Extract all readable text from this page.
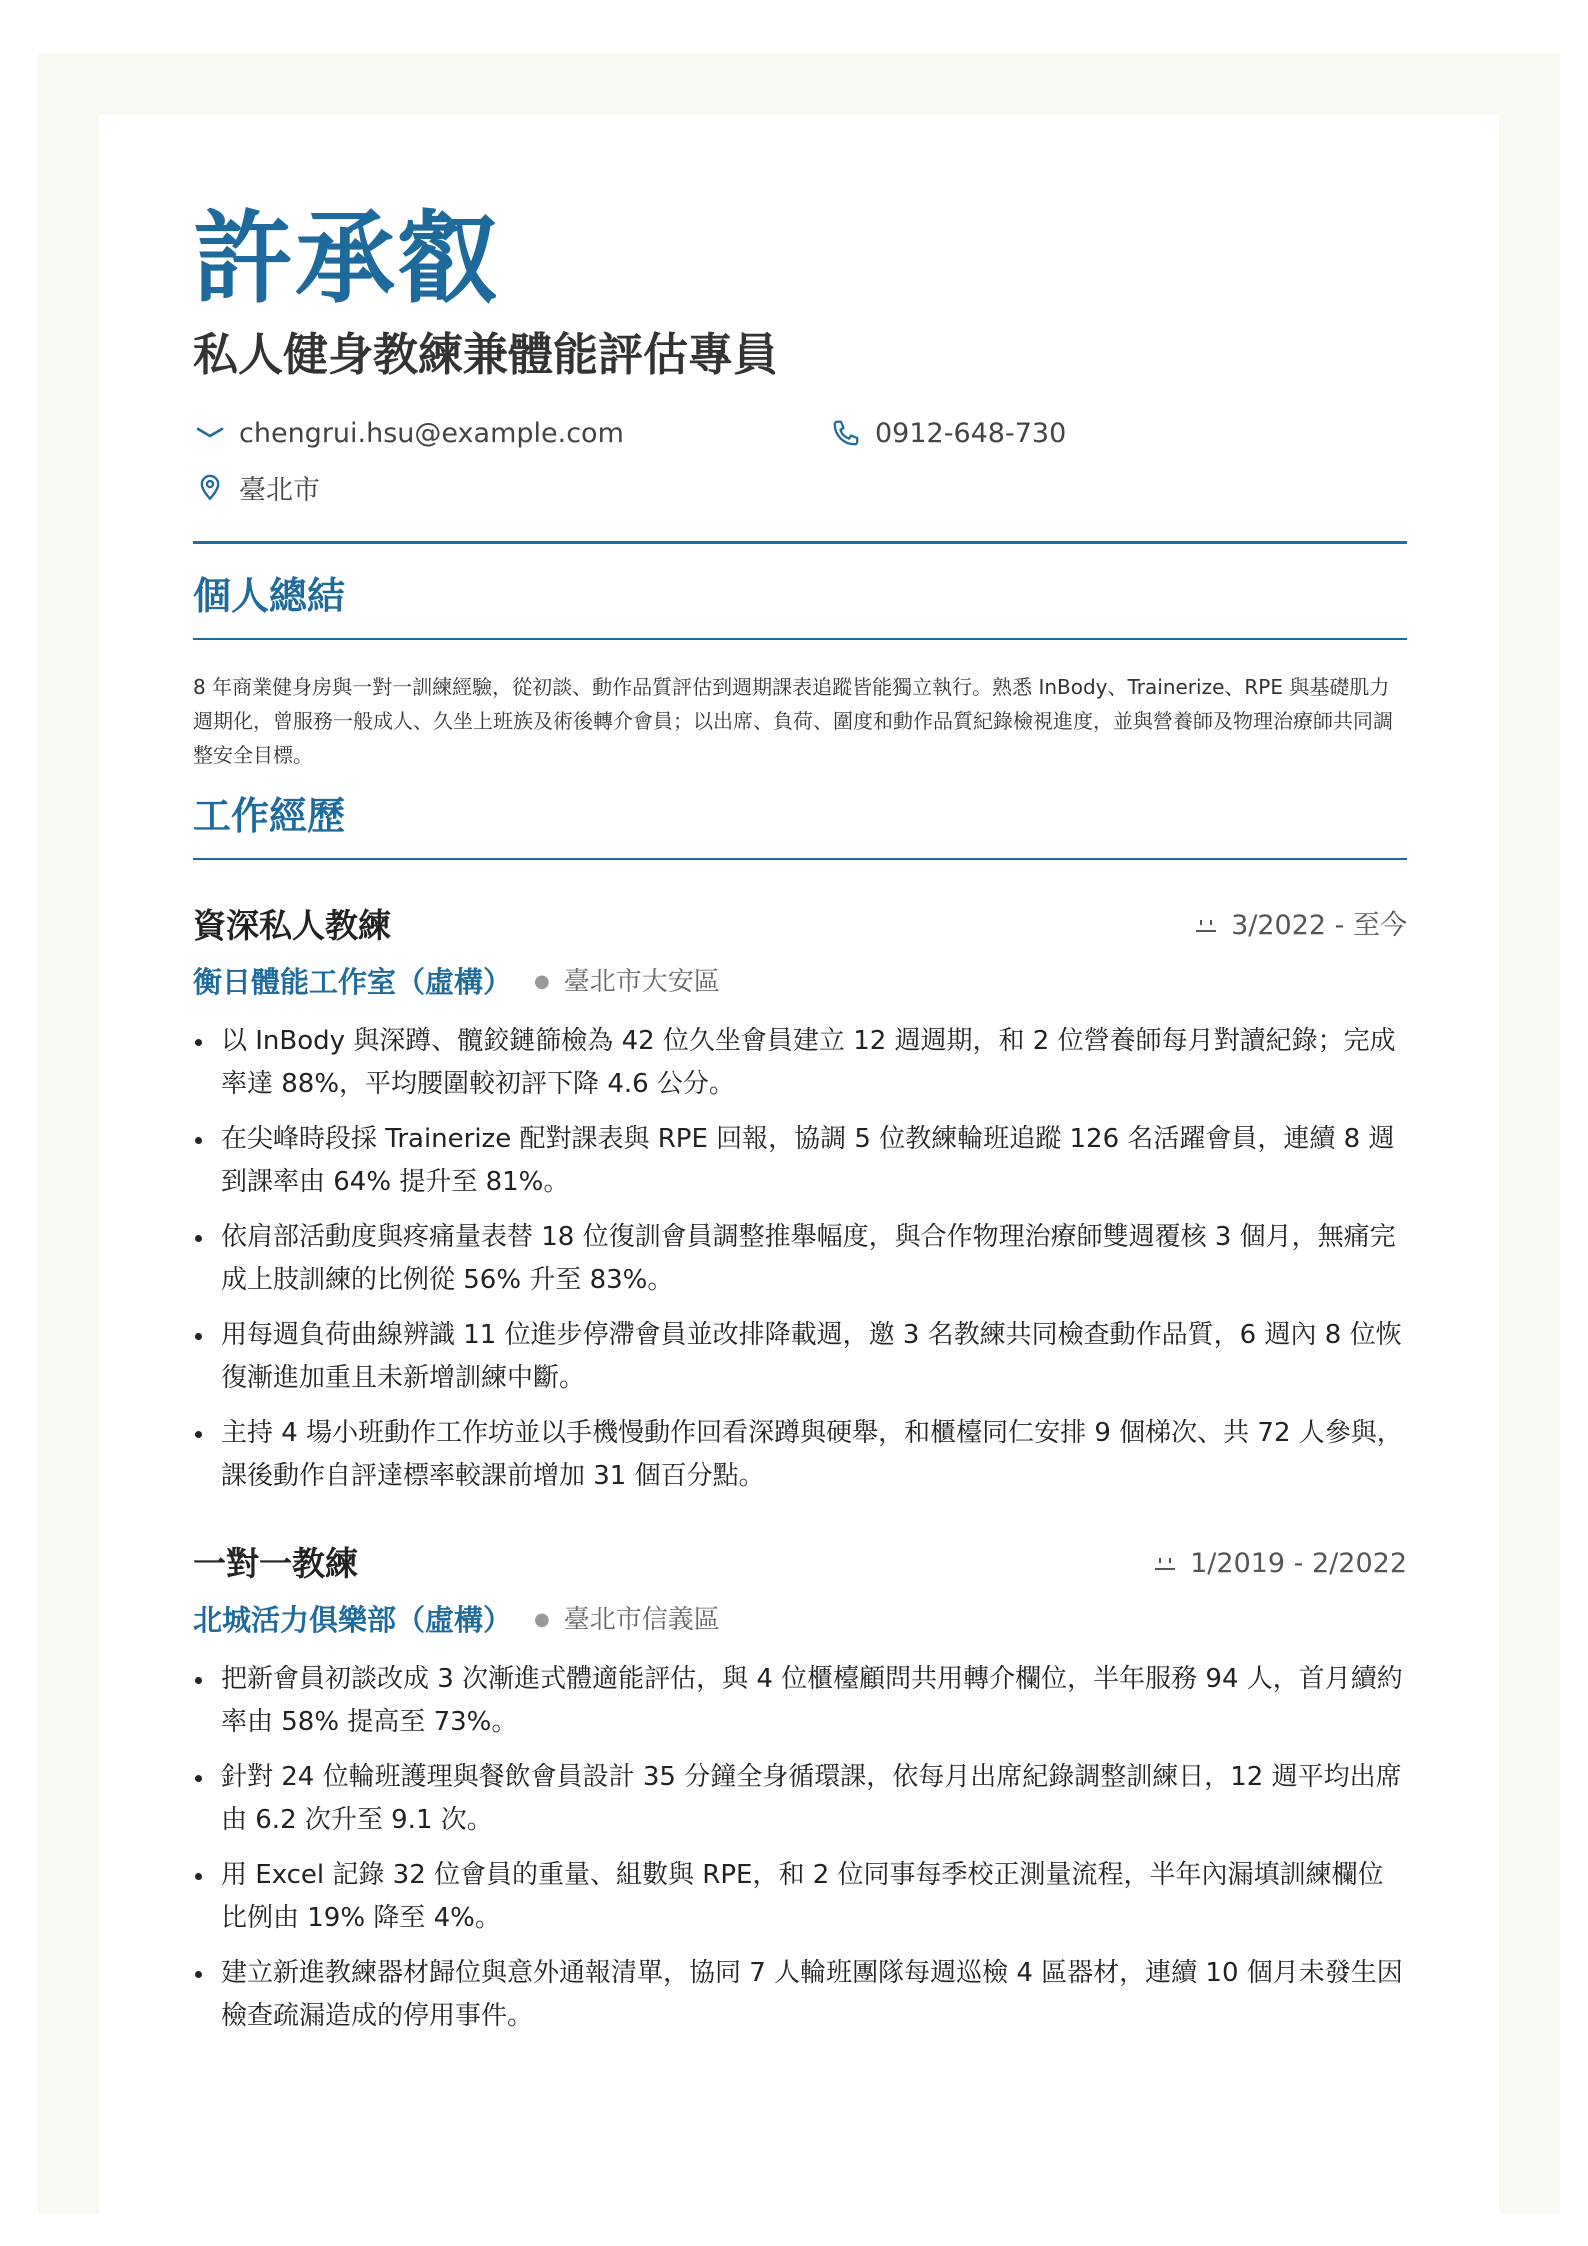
許承叡
私人健身教練兼體能評估專員
chengrui.hsu@example.com	0912-648-730
臺北市
個人總結

8 年商業健身房與一對一訓練經驗，從初談、動作品質評估到週期課表追蹤皆能獨立執行。熟悉 InBody、Trainerize、RPE 與基礎肌力週期化，曾服務一般成人、久坐上班族及術後轉介會員；以出席、負荷、圍度和動作品質紀錄檢視進度，並與營養師及物理治療師共同調整安全目標。

工作經歷
資深私人教練	3/2022 - 至今
衡日體能工作室（虛構） ● 臺北市大安區
以 InBody 與深蹲、髖鉸鏈篩檢為 42 位久坐會員建立 12 週週期，和 2 位營養師每月對讀紀錄；完成率達 88%，平均腰圍較初評下降 4.6 公分。
在尖峰時段採 Trainerize 配對課表與 RPE 回報，協調 5 位教練輪班追蹤 126 名活躍會員，連續 8 週到課率由 64% 提升至 81%。
依肩部活動度與疼痛量表替 18 位復訓會員調整推舉幅度，與合作物理治療師雙週覆核 3 個月，無痛完成上肢訓練的比例從 56% 升至 83%。
用每週負荷曲線辨識 11 位進步停滯會員並改排降載週，邀 3 名教練共同檢查動作品質，6 週內 8 位恢復漸進加重且未新增訓練中斷。
主持 4 場小班動作工作坊並以手機慢動作回看深蹲與硬舉，和櫃檯同仁安排 9 個梯次、共 72 人參與，課後動作自評達標率較課前增加 31 個百分點。
一對一教練	1/2019 - 2/2022
北城活力俱樂部（虛構） ● 臺北市信義區
把新會員初談改成 3 次漸進式體適能評估，與 4 位櫃檯顧問共用轉介欄位，半年服務 94 人，首月續約率由 58% 提高至 73%。
針對 24 位輪班護理與餐飲會員設計 35 分鐘全身循環課，依每月出席紀錄調整訓練日，12 週平均出席由 6.2 次升至 9.1 次。
用 Excel 記錄 32 位會員的重量、組數與 RPE，和 2 位同事每季校正測量流程，半年內漏填訓練欄位比例由 19% 降至 4%。
建立新進教練器材歸位與意外通報清單，協同 7 人輪班團隊每週巡檢 4 區器材，連續 10 個月未發生因檢查疏漏造成的停用事件。
